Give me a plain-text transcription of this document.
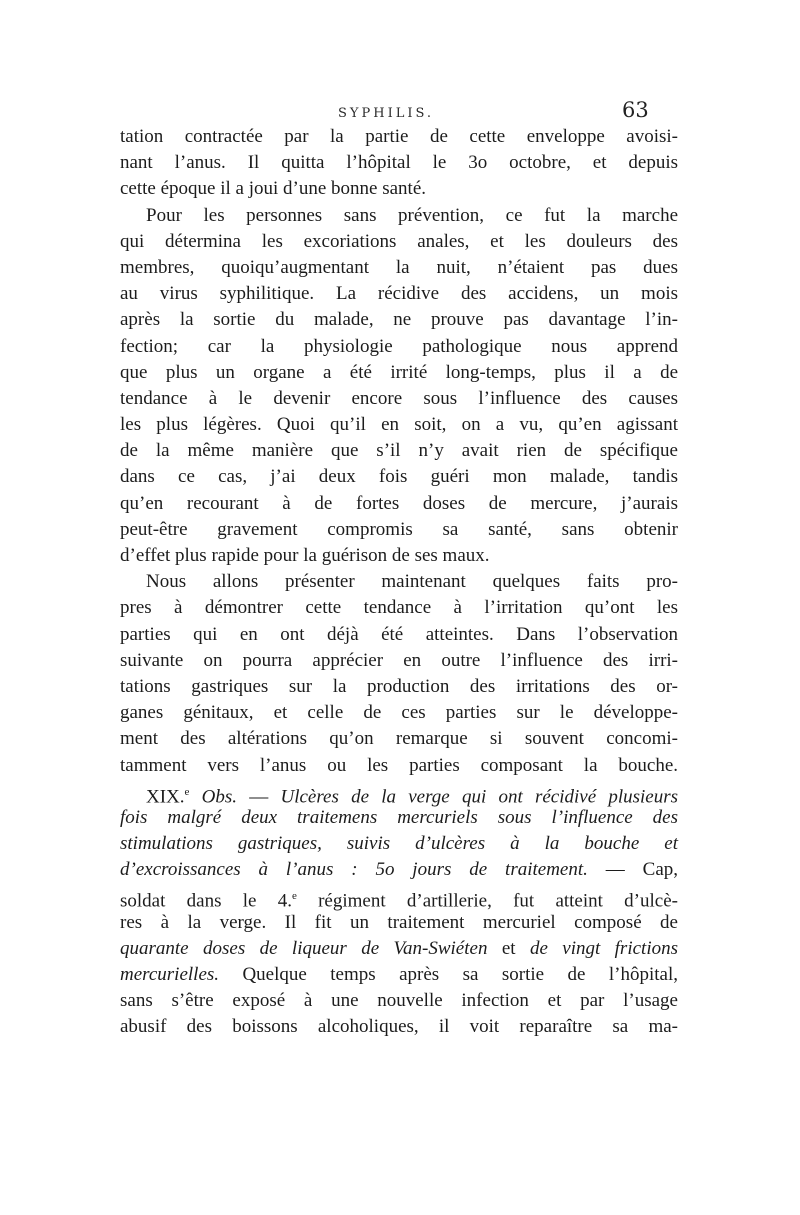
SYPHILIS.	63
tation contractée par la partie de cette enveloppe avoisi-
nant l’anus. Il quitta l’hôpital le 3o octobre, et depuis
cette époque il a joui d’une bonne santé.
Pour les personnes sans prévention, ce fut la marche
qui détermina les excoriations anales, et les douleurs des
membres, quoiqu’augmentant la nuit, n’étaient pas dues
au virus syphilitique. La récidive des accidens, un mois
après la sortie du malade, ne prouve pas davantage l’in-
fection; car la physiologie pathologique nous apprend
que plus un organe a été irrité long-temps, plus il a de
tendance à le devenir encore sous l’influence des causes
les plus légères. Quoi qu’il en soit, on a vu, qu’en agissant
de la même manière que s’il n’y avait rien de spécifique
dans ce cas, j’ai deux fois guéri mon malade, tandis
qu’en recourant à de fortes doses de mercure, j’aurais
peut-être gravement compromis sa santé, sans obtenir
d’effet plus rapide pour la guérison de ses maux.
Nous allons présenter maintenant quelques faits pro-
pres à démontrer cette tendance à l’irritation qu’ont les
parties qui en ont déjà été atteintes. Dans l’observation
suivante on pourra apprécier en outre l’influence des irri-
tations gastriques sur la production des irritations des or-
ganes génitaux, et celle de ces parties sur le développe-
ment des altérations qu’on remarque si souvent concomi-
tamment vers l’anus ou les parties composant la bouche.
XIX.$^e$ Obs. — Ulcères de la verge qui ont récidivé plusieurs
fois malgré deux traitemens mercuriels sous l’influence des
stimulations gastriques, suivis d’ulcères à la bouche et
d’excroissances à l’anus : 5o jours de traitement. — Cap,
soldat dans le 4.$^e$ régiment d’artillerie, fut atteint d’ulcè-
res à la verge. Il fit un traitement mercuriel composé de
quarante doses de liqueur de Van-Swiéten et de vingt frictions
mercurielles. Quelque temps après sa sortie de l’hôpital,
sans s’être exposé à une nouvelle infection et par l’usage
abusif des boissons alcoholiques, il voit reparaître sa ma-
